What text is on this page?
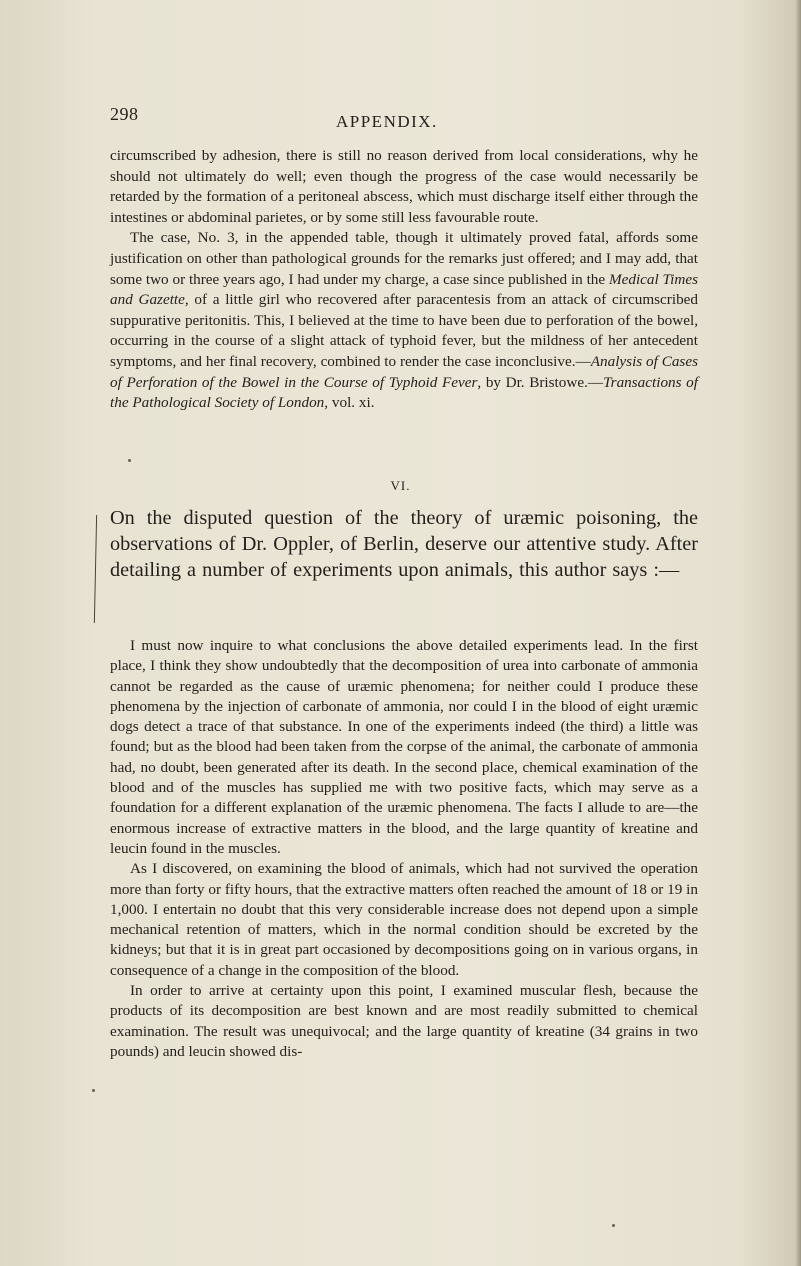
298	APPENDIX.

circumscribed by adhesion, there is still no reason derived from local considerations, why he should not ultimately do well; even though the progress of the case would necessarily be retarded by the formation of a peritoneal abscess, which must discharge itself either through the intestines or abdominal parietes, or by some still less favourable route.

The case, No. 3, in the appended table, though it ultimately proved fatal, affords some justification on other than pathological grounds for the remarks just offered; and I may add, that some two or three years ago, I had under my charge, a case since published in the Medical Times and Gazette, of a little girl who recovered after paracentesis from an attack of circumscribed suppurative peritonitis. This, I believed at the time to have been due to perforation of the bowel, occurring in the course of a slight attack of typhoid fever, but the mildness of her antecedent symptoms, and her final recovery, combined to render the case inconclusive.—Analysis of Cases of Perforation of the Bowel in the Course of Typhoid Fever, by Dr. Bristowe.—Transactions of the Pathological Society of London, vol. xi.

VI.

On the disputed question of the theory of uræmic poisoning, the observations of Dr. Oppler, of Berlin, deserve our attentive study. After detailing a number of experiments upon animals, this author says :—

I must now inquire to what conclusions the above detailed experiments lead. In the first place, I think they show undoubtedly that the decomposition of urea into carbonate of ammonia cannot be regarded as the cause of uræmic phenomena; for neither could I produce these phenomena by the injection of carbonate of ammonia, nor could I in the blood of eight uræmic dogs detect a trace of that substance. In one of the experiments indeed (the third) a little was found; but as the blood had been taken from the corpse of the animal, the carbonate of ammonia had, no doubt, been generated after its death. In the second place, chemical examination of the blood and of the muscles has supplied me with two positive facts, which may serve as a foundation for a different explanation of the uræmic phenomena. The facts I allude to are—the enormous increase of extractive matters in the blood, and the large quantity of kreatine and leucin found in the muscles.

As I discovered, on examining the blood of animals, which had not survived the operation more than forty or fifty hours, that the extractive matters often reached the amount of 18 or 19 in 1,000. I entertain no doubt that this very considerable increase does not depend upon a simple mechanical retention of matters, which in the normal condition should be excreted by the kidneys; but that it is in great part occasioned by decompositions going on in various organs, in consequence of a change in the composition of the blood.

In order to arrive at certainty upon this point, I examined muscular flesh, because the products of its decomposition are best known and are most readily submitted to chemical examination. The result was unequivocal; and the large quantity of kreatine (34 grains in two pounds) and leucin showed dis-
